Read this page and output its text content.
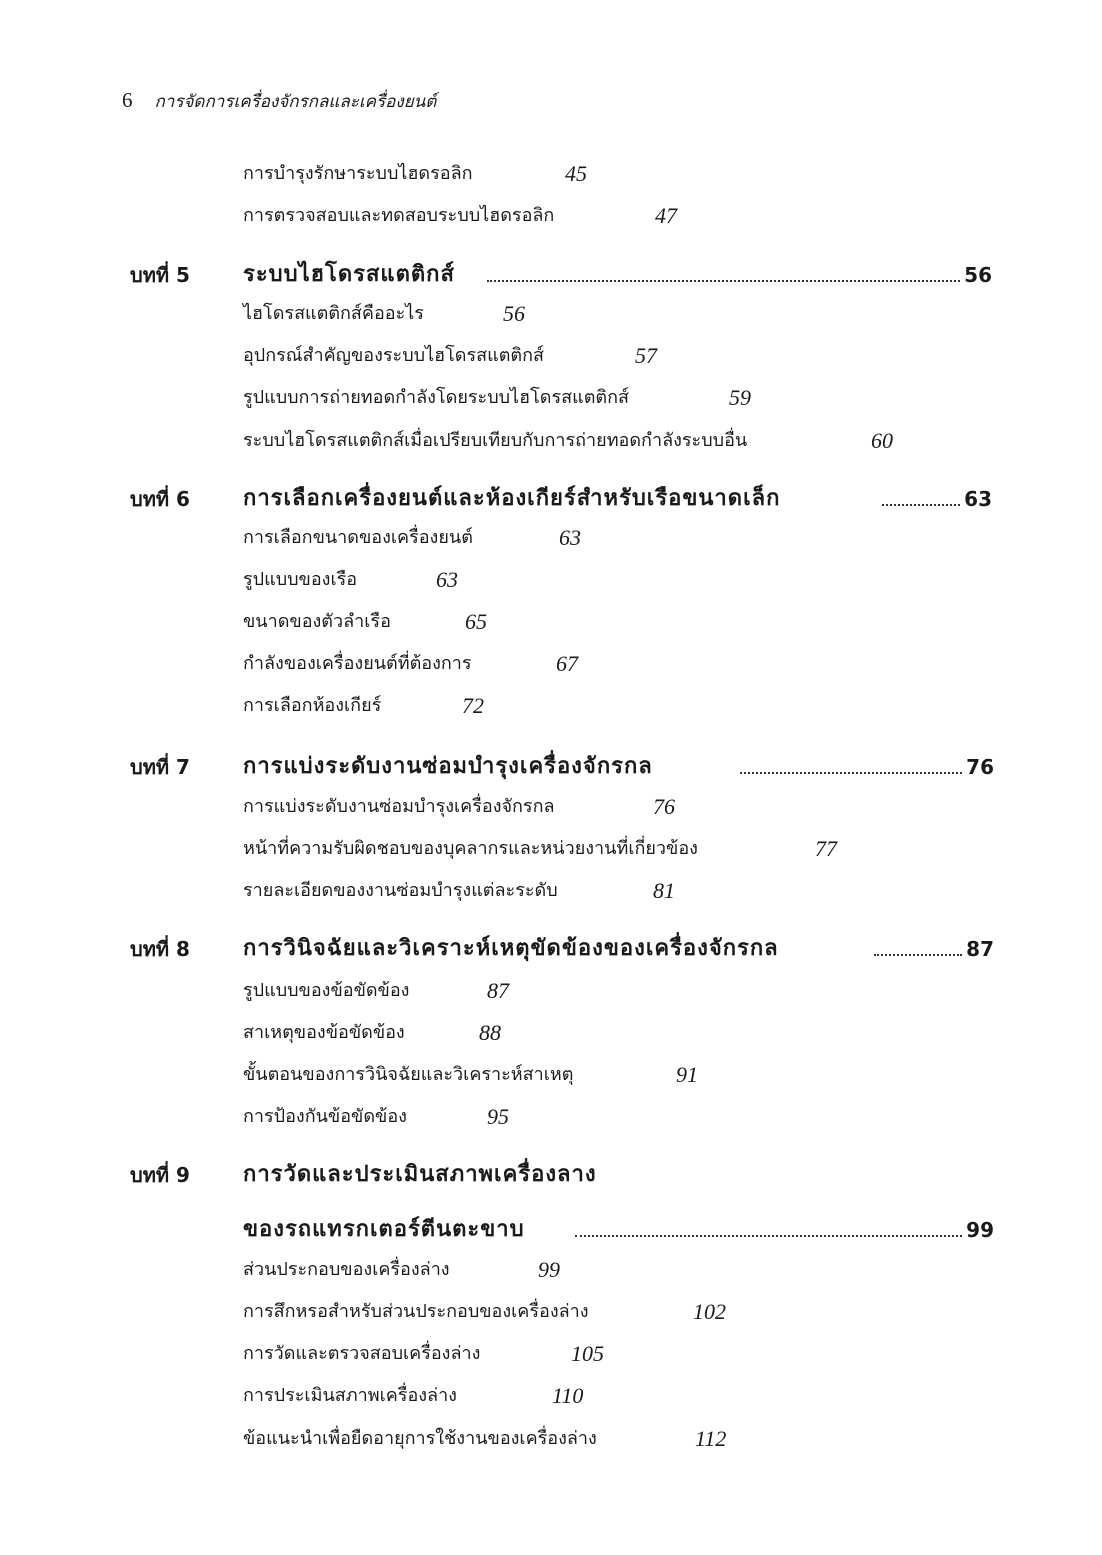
6 การจัดการเครื่องจักรกลและเครื่องยนต์
การบำรุงรักษาระบบไฮดรอลิก	45
การตรวจสอบและทดสอบระบบไฮดรอลิก	47
บทที่ 5 ระบบไฮโดรสแตติกส์	56
ไฮโดรสแตติกส์คืออะไร	56
อุปกรณ์สำคัญของระบบไฮโดรสแตติกส์	57
รูปแบบการถ่ายทอดกำลังโดยระบบไฮโดรสแตติกส์	59
ระบบไฮโดรสแตติกส์เมื่อเปรียบเทียบกับการถ่ายทอดกำลังระบบอื่น	60
บทที่ 6 การเลือกเครื่องยนต์และห้องเกียร์สำหรับเรือขนาดเล็ก	63
การเลือกขนาดของเครื่องยนต์	63
รูปแบบของเรือ	63
ขนาดของตัวลำเรือ	65
กำลังของเครื่องยนต์ที่ต้องการ	67
การเลือกห้องเกียร์	72
บทที่ 7 การแบ่งระดับงานซ่อมบำรุงเครื่องจักรกล	76
การแบ่งระดับงานซ่อมบำรุงเครื่องจักรกล	76
หน้าที่ความรับผิดชอบของบุคลากรและหน่วยงานที่เกี่ยวข้อง	77
รายละเอียดของงานซ่อมบำรุงแต่ละระดับ	81
บทที่ 8 การวินิจฉัยและวิเคราะห์เหตุขัดข้องของเครื่องจักรกล	87
รูปแบบของข้อขัดข้อง	87
สาเหตุของข้อขัดข้อง	88
ขั้นตอนของการวินิจฉัยและวิเคราะห์สาเหตุ	91
การป้องกันข้อขัดข้อง	95
บทที่ 9 การวัดและประเมินสภาพเครื่องลาง
ของรถแทรกเตอร์ตีนตะขาบ	99
ส่วนประกอบของเครื่องล่าง	99
การสึกหรอสำหรับส่วนประกอบของเครื่องล่าง	102
การวัดและตรวจสอบเครื่องล่าง	105
การประเมินสภาพเครื่องล่าง	110
ข้อแนะนำเพื่อยืดอายุการใช้งานของเครื่องล่าง	112
